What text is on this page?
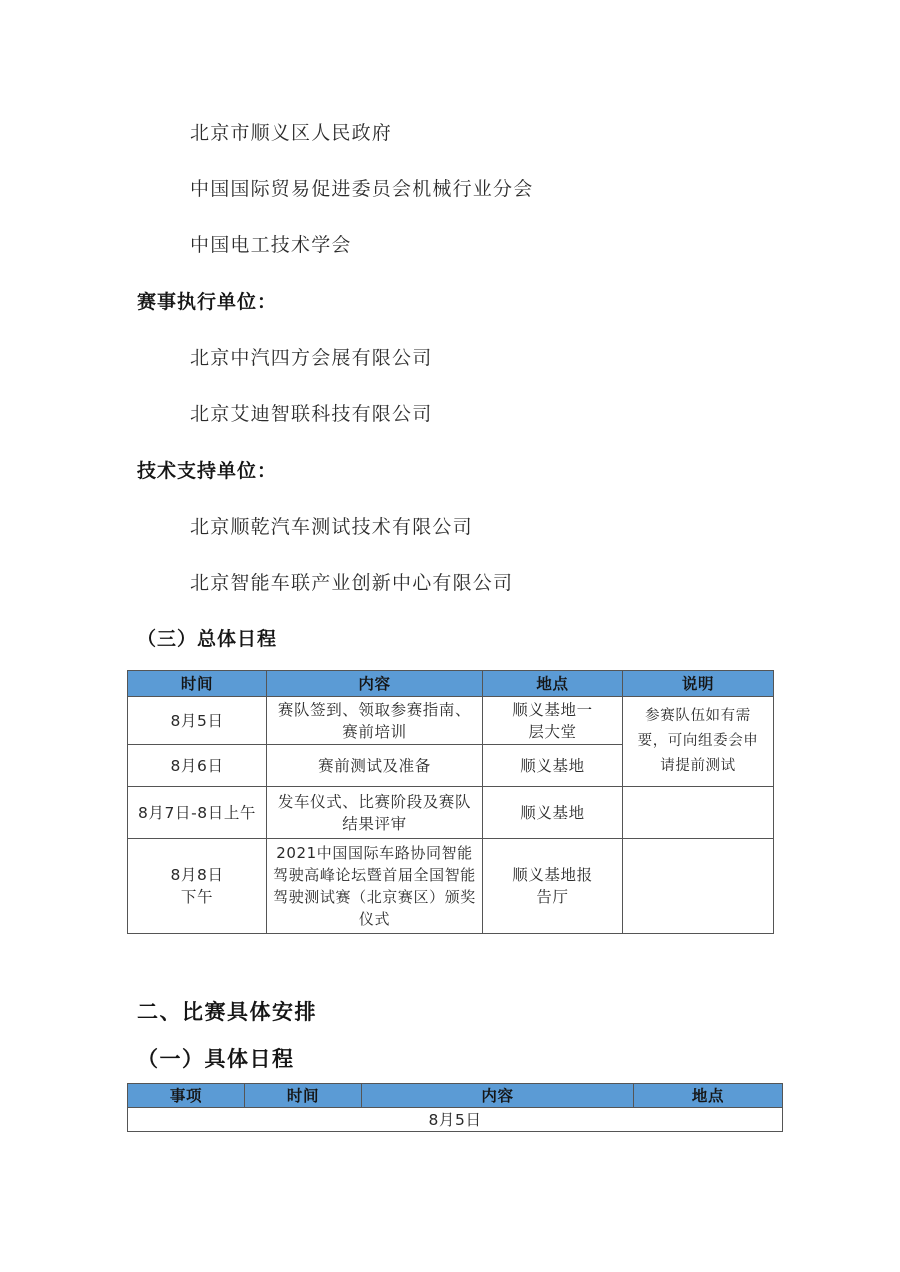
北京市顺义区人民政府
中国国际贸易促进委员会机械行业分会
中国电工技术学会
赛事执行单位：
北京中汽四方会展有限公司
北京艾迪智联科技有限公司
技术支持单位：
北京顺乾汽车测试技术有限公司
北京智能车联产业创新中心有限公司
（三）总体日程
时间	内容	地点	说明
8月5日	赛队签到、领取参赛指南、赛前培训	顺义基地一层大堂	参赛队伍如有需要，可向组委会申请提前测试
8月6日	赛前测试及准备	顺义基地	
8月7日-8日上午	发车仪式、比赛阶段及赛队结果评审	顺义基地	
8月8日下午	2021中国国际车路协同智能驾驶高峰论坛暨首届全国智能驾驶测试赛（北京赛区）颁奖仪式	顺义基地报告厅	
二、比赛具体安排
（一）具体日程
事项	时间	内容	地点
8月5日
